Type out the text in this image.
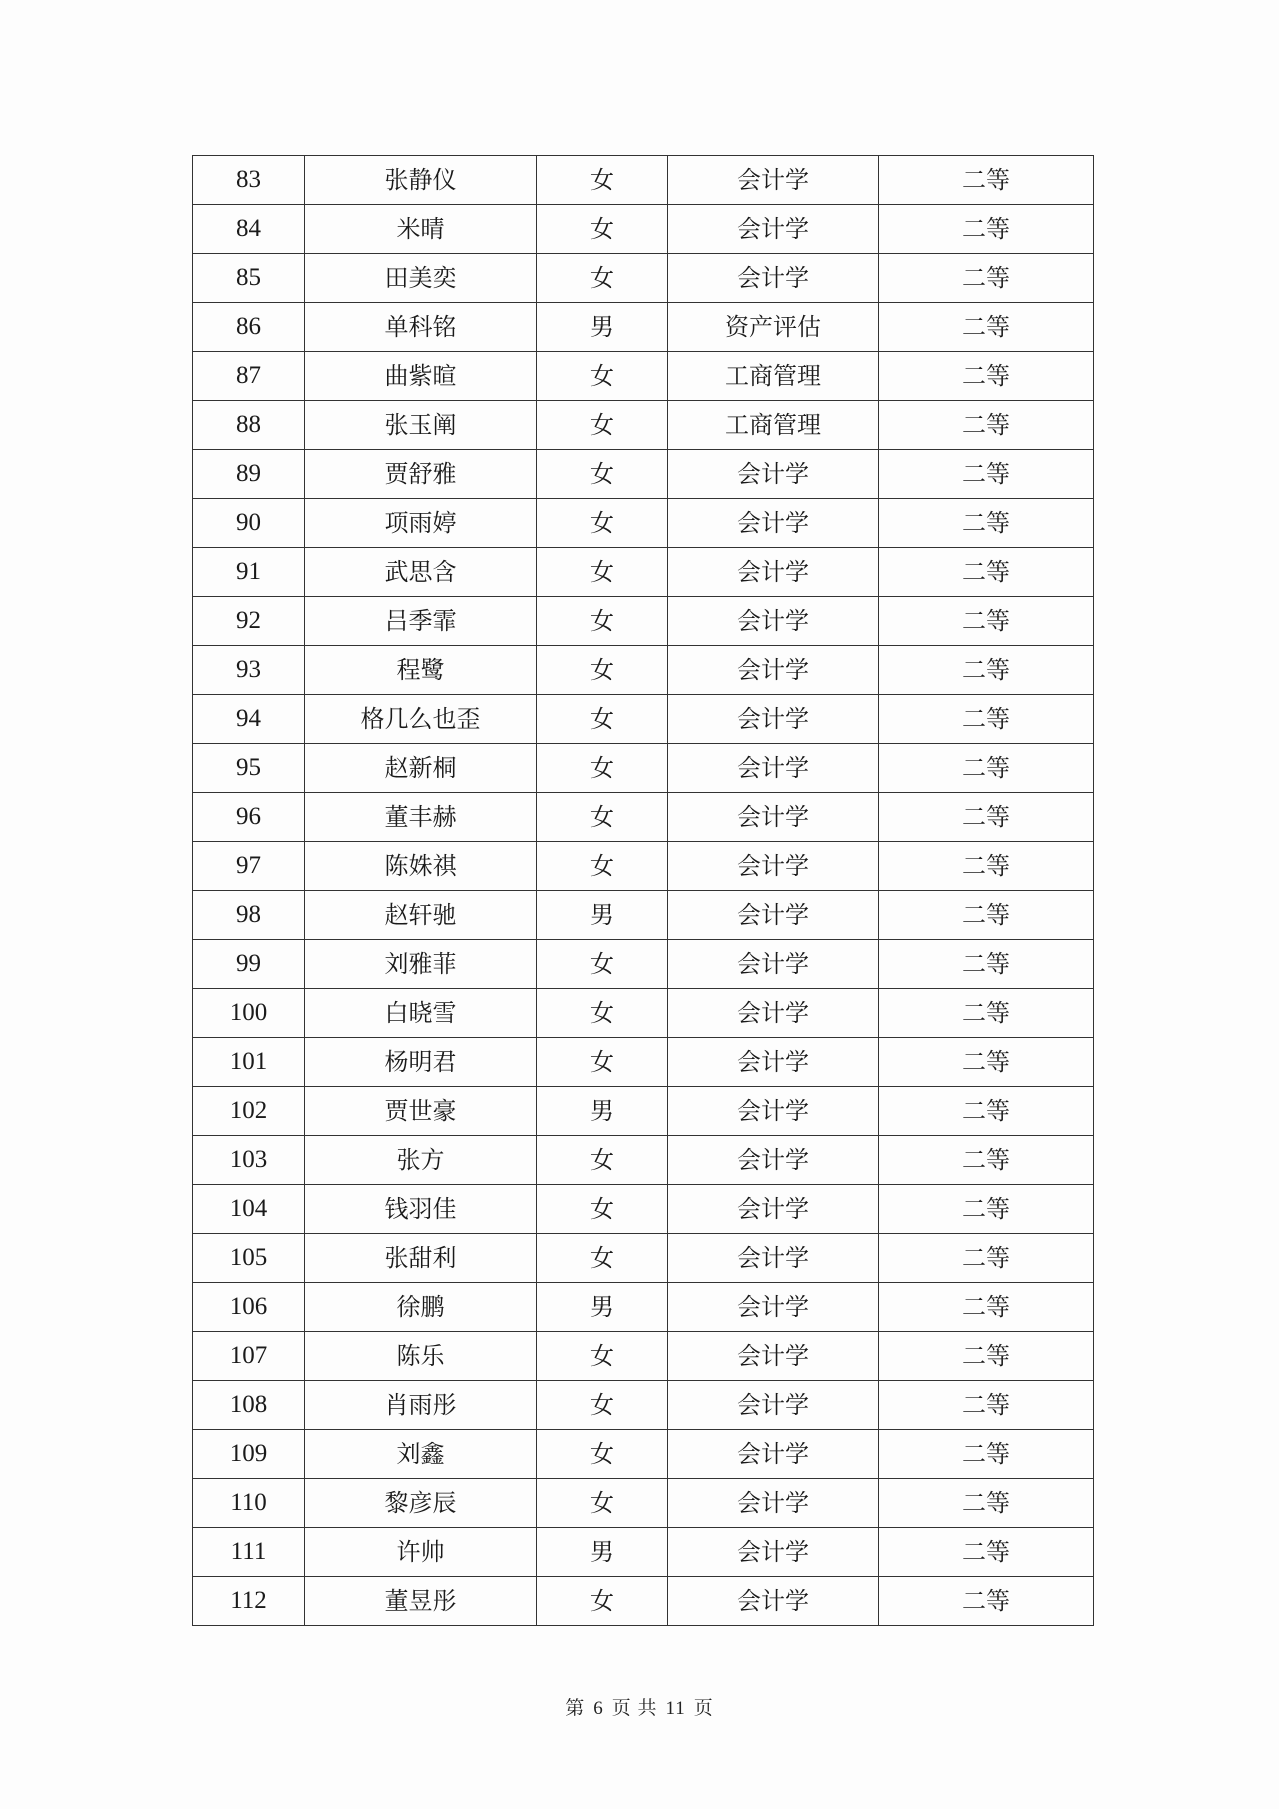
83	张静仪	女	会计学	二等
84	米晴	女	会计学	二等
85	田美奕	女	会计学	二等
86	单科铭	男	资产评估	二等
87	曲紫暄	女	工商管理	二等
88	张玉阐	女	工商管理	二等
89	贾舒雅	女	会计学	二等
90	项雨婷	女	会计学	二等
91	武思含	女	会计学	二等
92	吕季霏	女	会计学	二等
93	程鹭	女	会计学	二等
94	格几么也歪	女	会计学	二等
95	赵新桐	女	会计学	二等
96	董丰赫	女	会计学	二等
97	陈姝祺	女	会计学	二等
98	赵轩驰	男	会计学	二等
99	刘雅菲	女	会计学	二等
100	白晓雪	女	会计学	二等
101	杨明君	女	会计学	二等
102	贾世豪	男	会计学	二等
103	张方	女	会计学	二等
104	钱羽佳	女	会计学	二等
105	张甜利	女	会计学	二等
106	徐鹏	男	会计学	二等
107	陈乐	女	会计学	二等
108	肖雨彤	女	会计学	二等
109	刘鑫	女	会计学	二等
110	黎彦辰	女	会计学	二等
111	许帅	男	会计学	二等
112	董昱彤	女	会计学	二等
第 6 页 共 11 页
